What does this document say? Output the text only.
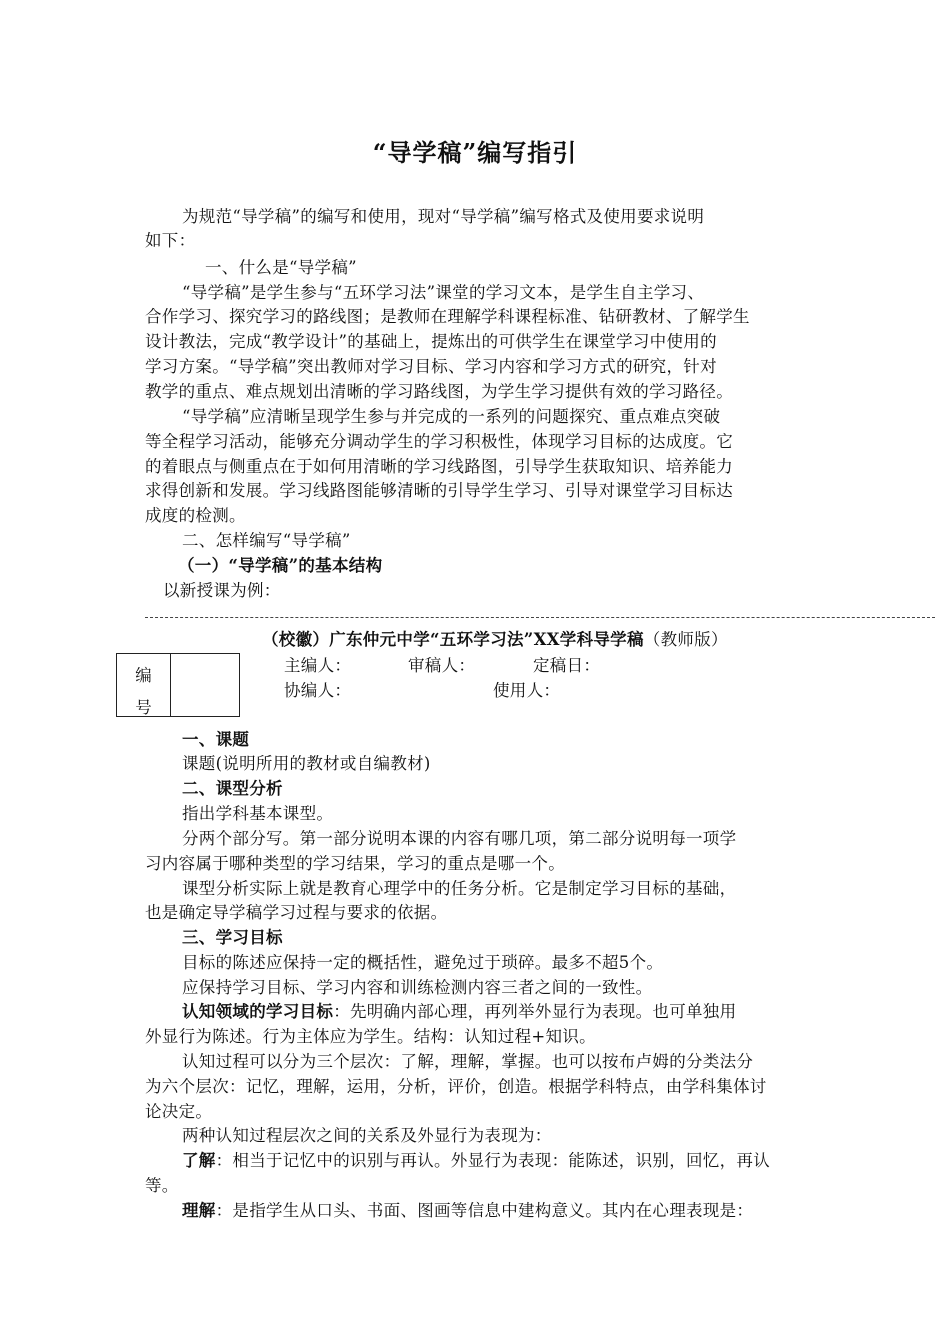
“导学稿”编写指引
为规范“导学稿”的编写和使用，现对“导学稿”编写格式及使用要求说明
如下：
一、什么是“导学稿”
“导学稿”是学生参与“五环学习法”课堂的学习文本，是学生自主学习、
合作学习、探究学习的路线图；是教师在理解学科课程标准、钻研教材、了解学生
设计教法，完成“教学设计”的基础上，提炼出的可供学生在课堂学习中使用的
学习方案。“导学稿”突出教师对学习目标、学习内容和学习方式的研究，针对
教学的重点、难点规划出清晰的学习路线图，为学生学习提供有效的学习路径。
“导学稿”应清晰呈现学生参与并完成的一系列的问题探究、重点难点突破
等全程学习活动，能够充分调动学生的学习积极性，体现学习目标的达成度。它
的着眼点与侧重点在于如何用清晰的学习线路图，引导学生获取知识、培养能力
求得创新和发展。学习线路图能够清晰的引导学生学习、引导对课堂学习目标达
成度的检测。
二、怎样编写“导学稿”
（一）“导学稿”的基本结构
以新授课为例：
（校徽）广东仲元中学“五环学习法”XX学科导学稿（教师版）
编
号
主编人：	审稿人：	定稿日：
协编人：	使用人：
一、课题
课题(说明所用的教材或自编教材)
二、课型分析
指出学科基本课型。
分两个部分写。第一部分说明本课的内容有哪几项，第二部分说明每一项学
习内容属于哪种类型的学习结果，学习的重点是哪一个。
课型分析实际上就是教育心理学中的任务分析。它是制定学习目标的基础，
也是确定导学稿学习过程与要求的依据。
三、学习目标
目标的陈述应保持一定的概括性，避免过于琐碎。最多不超5个。
应保持学习目标、学习内容和训练检测内容三者之间的一致性。
认知领域的学习目标：先明确内部心理，再列举外显行为表现。也可单独用
外显行为陈述。行为主体应为学生。结构：认知过程+知识。
认知过程可以分为三个层次：了解，理解，掌握。也可以按布卢姆的分类法分
为六个层次：记忆，理解，运用，分析，评价，创造。根据学科特点，由学科集体讨
论决定。
两种认知过程层次之间的关系及外显行为表现为：
了解：相当于记忆中的识别与再认。外显行为表现：能陈述，识别，回忆，再认
等。
理解：是指学生从口头、书面、图画等信息中建构意义。其内在心理表现是：
